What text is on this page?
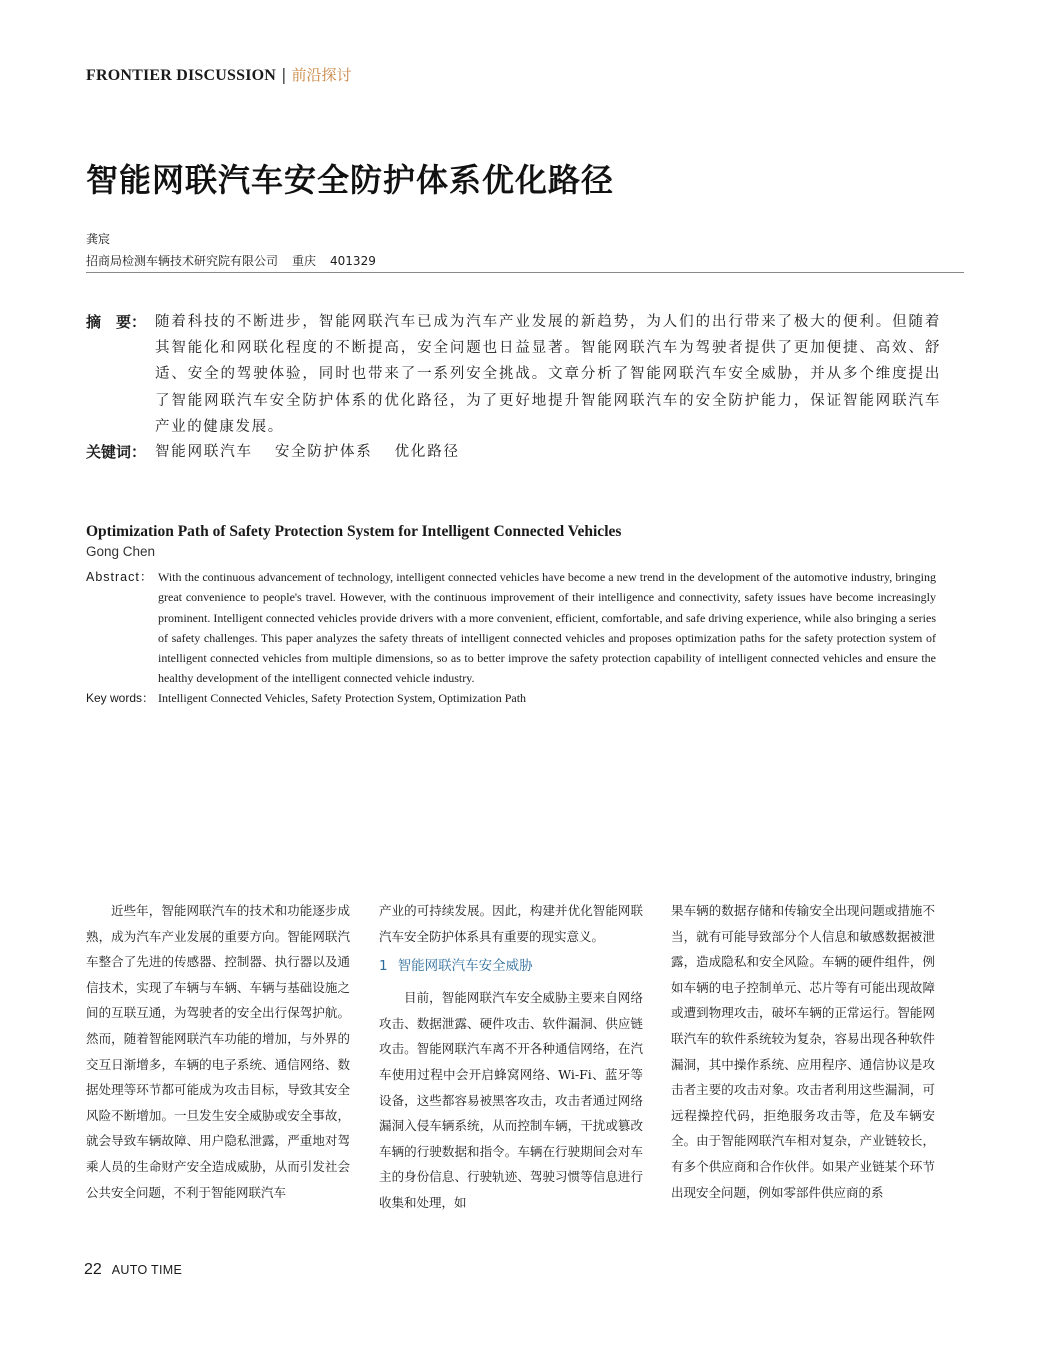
FRONTIER DISCUSSION | 前沿探讨
智能网联汽车安全防护体系优化路径
龚宸
招商局检测车辆技术研究院有限公司 重庆 401329
摘　要： 随着科技的不断进步，智能网联汽车已成为汽车产业发展的新趋势，为人们的出行带来了极大的便利。但随着其智能化和网联化程度的不断提高，安全问题也日益显著。智能网联汽车为驾驶者提供了更加便捷、高效、舒适、安全的驾驶体验，同时也带来了一系列安全挑战。文章分析了智能网联汽车安全威胁，并从多个维度提出了智能网联汽车安全防护体系的优化路径，为了更好地提升智能网联汽车的安全防护能力，保证智能网联汽车产业的健康发展。
关键词： 智能网联汽车 安全防护体系 优化路径
Optimization Path of Safety Protection System for Intelligent Connected Vehicles
Gong Chen
Abstract： With the continuous advancement of technology, intelligent connected vehicles have become a new trend in the development of the automotive industry, bringing great convenience to people's travel. However, with the continuous improvement of their intelligence and connectivity, safety issues have become increasingly prominent. Intelligent connected vehicles provide drivers with a more convenient, efficient, comfortable, and safe driving experience, while also bringing a series of safety challenges. This paper analyzes the safety threats of intelligent connected vehicles and proposes optimization paths for the safety protection system of intelligent connected vehicles from multiple dimensions, so as to better improve the safety protection capability of intelligent connected vehicles and ensure the healthy development of the intelligent connected vehicle industry.
Key words： Intelligent Connected Vehicles, Safety Protection System, Optimization Path

近些年，智能网联汽车的技术和功能逐步成熟，成为汽车产业发展的重要方向。智能网联汽车整合了先进的传感器、控制器、执行器以及通信技术，实现了车辆与车辆、车辆与基础设施之间的互联互通，为驾驶者的安全出行保驾护航。然而，随着智能网联汽车功能的增加，与外界的交互日渐增多，车辆的电子系统、通信网络、数据处理等环节都可能成为攻击目标，导致其安全风险不断增加。一旦发生安全威胁或安全事故，就会导致车辆故障、用户隐私泄露，严重地对驾乘人员的生命财产安全造成威胁，从而引发社会公共安全问题，不利于智能网联汽车

产业的可持续发展。因此，构建并优化智能网联汽车安全防护体系具有重要的现实意义。

1 智能网联汽车安全威胁

目前，智能网联汽车安全威胁主要来自网络攻击、数据泄露、硬件攻击、软件漏洞、供应链攻击。智能网联汽车离不开各种通信网络，在汽车使用过程中会开启蜂窝网络、Wi-Fi、蓝牙等设备，这些都容易被黑客攻击，攻击者通过网络漏洞入侵车辆系统，从而控制车辆，干扰或篡改车辆的行驶数据和指令。车辆在行驶期间会对车主的身份信息、行驶轨迹、驾驶习惯等信息进行收集和处理，如

果车辆的数据存储和传输安全出现问题或措施不当，就有可能导致部分个人信息和敏感数据被泄露，造成隐私和安全风险。车辆的硬件组件，例如车辆的电子控制单元、芯片等有可能出现故障或遭到物理攻击，破坏车辆的正常运行。智能网联汽车的软件系统较为复杂，容易出现各种软件漏洞，其中操作系统、应用程序、通信协议是攻击者主要的攻击对象。攻击者利用这些漏洞，可远程操控代码，拒绝服务攻击等，危及车辆安全。由于智能网联汽车相对复杂，产业链较长，有多个供应商和合作伙伴。如果产业链某个环节出现安全问题，例如零部件供应商的系

22 AUTO TIME
